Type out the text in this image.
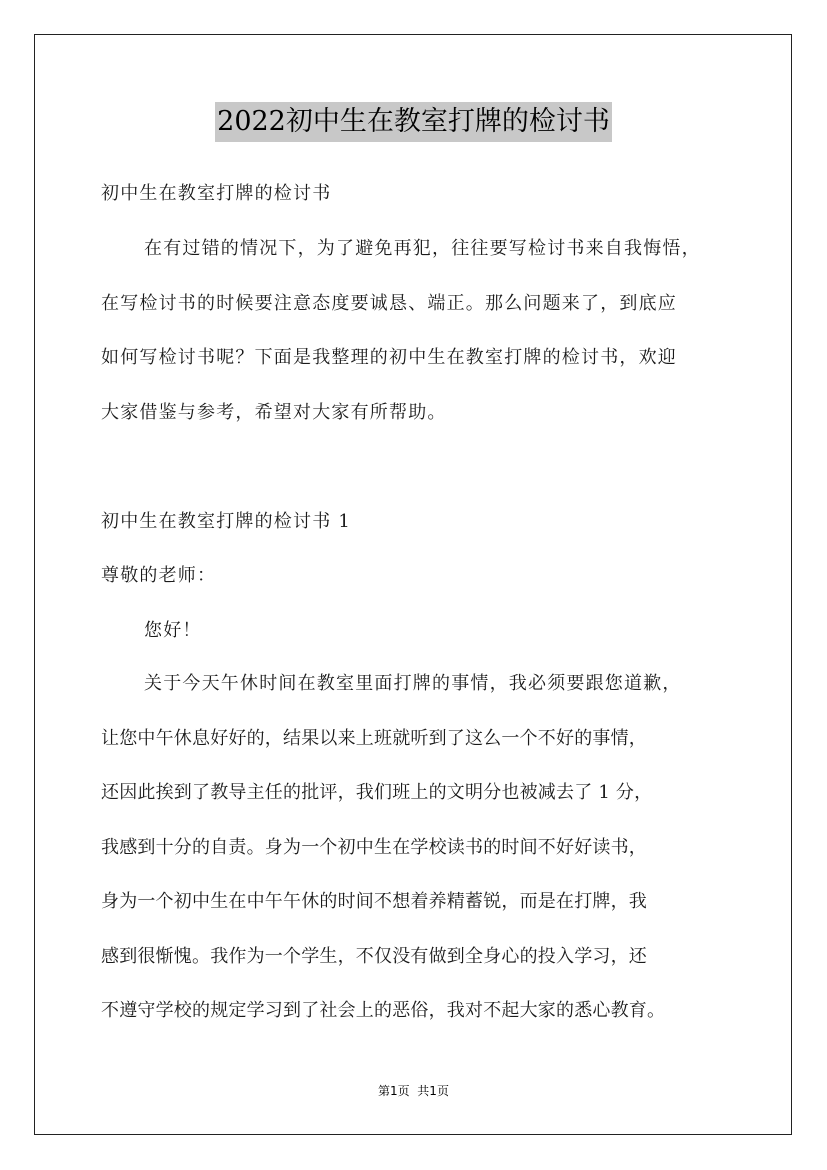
2022初中生在教室打牌的检讨书
初中生在教室打牌的检讨书
在有过错的情况下，为了避免再犯，往往要写检讨书来自我悔悟，
在写检讨书的时候要注意态度要诚恳、端正。那么问题来了，到底应
如何写检讨书呢？下面是我整理的初中生在教室打牌的检讨书，欢迎
大家借鉴与参考，希望对大家有所帮助。
初中生在教室打牌的检讨书 1
尊敬的老师：
您好！
关于今天午休时间在教室里面打牌的事情，我必须要跟您道歉，
让您中午休息好好的，结果以来上班就听到了这么一个不好的事情，
还因此挨到了教导主任的批评，我们班上的文明分也被减去了 1 分，
我感到十分的自责。身为一个初中生在学校读书的时间不好好读书，
身为一个初中生在中午午休的时间不想着养精蓄锐，而是在打牌，我
感到很惭愧。我作为一个学生，不仅没有做到全身心的投入学习，还
不遵守学校的规定学习到了社会上的恶俗，我对不起大家的悉心教育。
第1页  共1页
